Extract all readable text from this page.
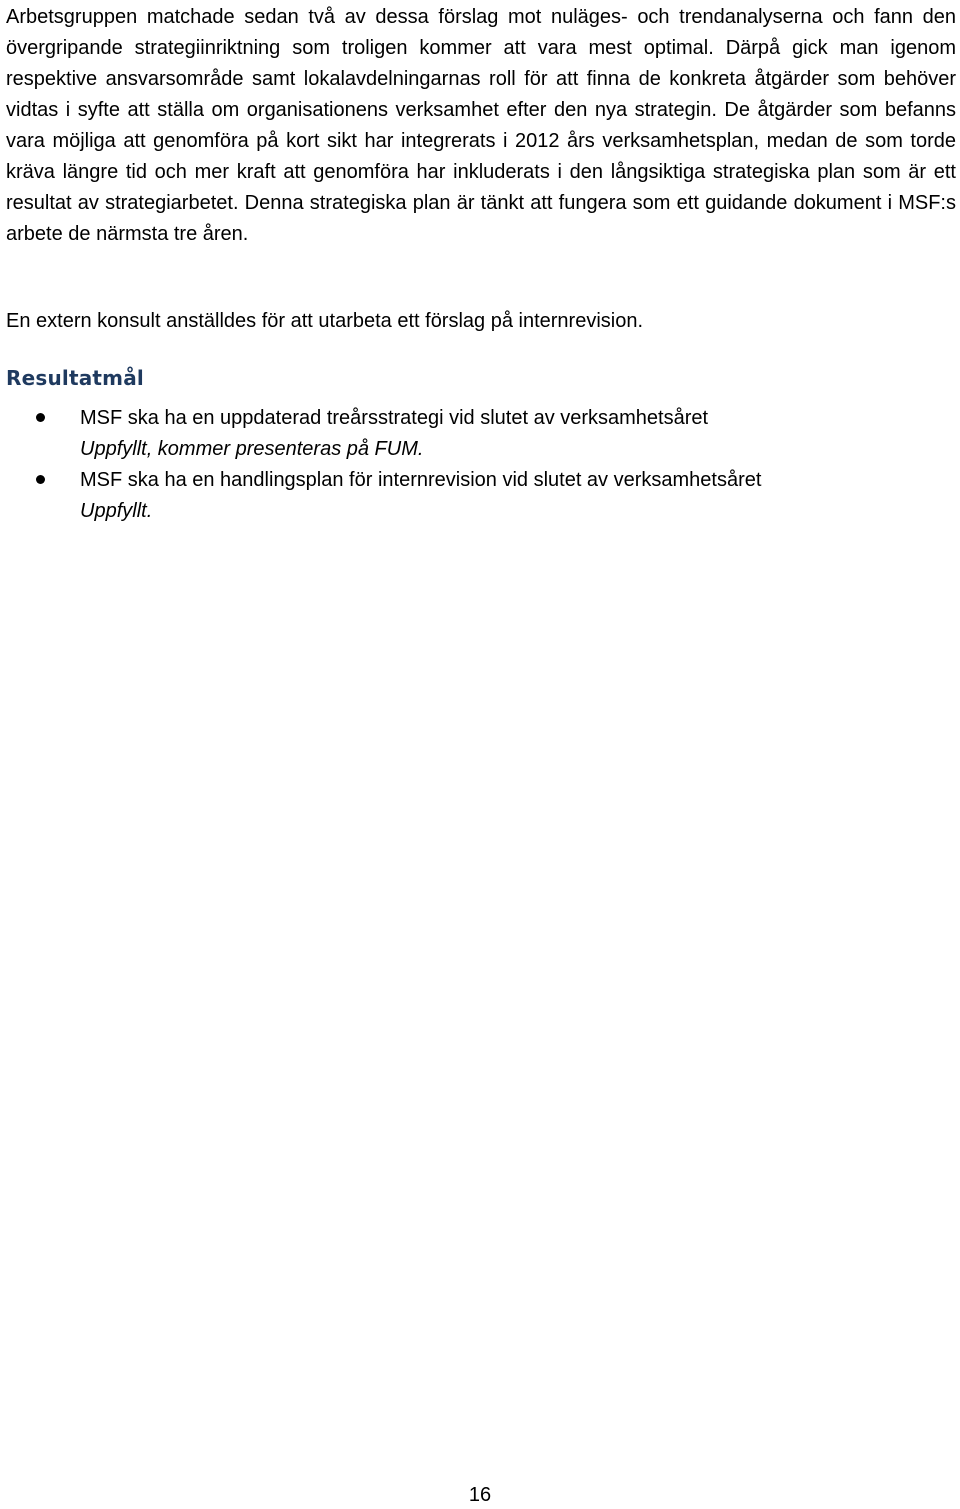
Arbetsgruppen matchade sedan två av dessa förslag mot nuläges- och trendanalyserna och fann den övergripande strategiinriktning som troligen kommer att vara mest optimal. Därpå gick man igenom respektive ansvarsområde samt lokalavdelningarnas roll för att finna de konkreta åtgärder som behöver vidtas i syfte att ställa om organisationens verksamhet efter den nya strategin. De åtgärder som befanns vara möjliga att genomföra på kort sikt har integrerats i 2012 års verksamhetsplan, medan de som torde kräva längre tid och mer kraft att genomföra har inkluderats i den långsiktiga strategiska plan som är ett resultat av strategiarbetet. Denna strategiska plan är tänkt att fungera som ett guidande dokument i MSF:s arbete de närmsta tre åren.

En extern konsult anställdes för att utarbeta ett förslag på internrevision.

Resultatmål
MSF ska ha en uppdaterad treårsstrategi vid slutet av verksamhetsåret
Uppfyllt, kommer presenteras på FUM.
MSF ska ha en handlingsplan för internrevision vid slutet av verksamhetsåret
Uppfyllt.

16
